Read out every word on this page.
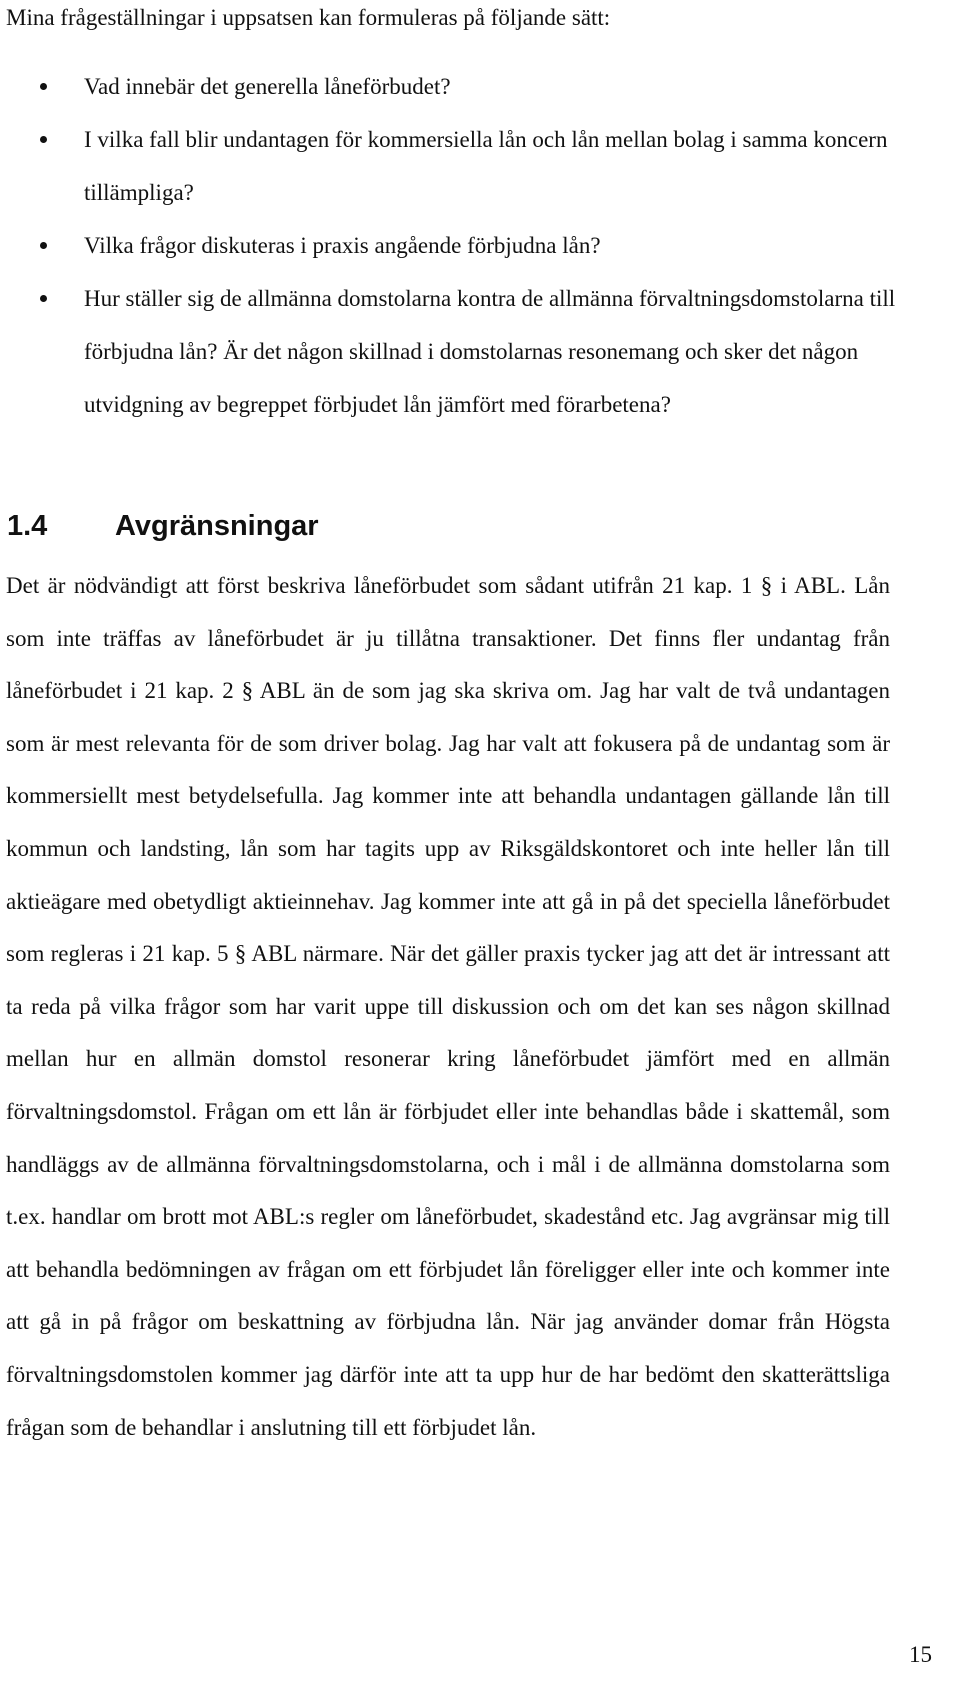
Mina frågeställningar i uppsatsen kan formuleras på följande sätt:

Vad innebär det generella låneförbudet?
I vilka fall blir undantagen för kommersiella lån och lån mellan bolag i samma koncern tillämpliga?
Vilka frågor diskuteras i praxis angående förbjudna lån?
Hur ställer sig de allmänna domstolarna kontra de allmänna förvaltningsdomstolarna till förbjudna lån? Är det någon skillnad i domstolarnas resonemang och sker det någon utvidgning av begreppet förbjudet lån jämfört med förarbetena?
1.4	Avgränsningar

Det är nödvändigt att först beskriva låneförbudet som sådant utifrån 21 kap. 1 § i ABL. Lån som inte träffas av låneförbudet är ju tillåtna transaktioner. Det finns fler undantag från låneförbudet i 21 kap. 2 § ABL än de som jag ska skriva om. Jag har valt de två undantagen som är mest relevanta för de som driver bolag. Jag har valt att fokusera på de undantag som är kommersiellt mest betydelsefulla. Jag kommer inte att behandla undantagen gällande lån till kommun och landsting, lån som har tagits upp av Riksgäldskontoret och inte heller lån till aktieägare med obetydligt aktieinnehav. Jag kommer inte att gå in på det speciella låneförbudet som regleras i 21 kap. 5 § ABL närmare. När det gäller praxis tycker jag att det är intressant att ta reda på vilka frågor som har varit uppe till diskussion och om det kan ses någon skillnad mellan hur en allmän domstol resonerar kring låneförbudet jämfört med en allmän förvaltningsdomstol. Frågan om ett lån är förbjudet eller inte behandlas både i skattemål, som handläggs av de allmänna förvaltningsdomstolarna, och i mål i de allmänna domstolarna som t.ex. handlar om brott mot ABL:s regler om låneförbudet, skadestånd etc. Jag avgränsar mig till att behandla bedömningen av frågan om ett förbjudet lån föreligger eller inte och kommer inte att gå in på frågor om beskattning av förbjudna lån. När jag använder domar från Högsta förvaltningsdomstolen kommer jag därför inte att ta upp hur de har bedömt den skatterättsliga frågan som de behandlar i anslutning till ett förbjudet lån.

15
